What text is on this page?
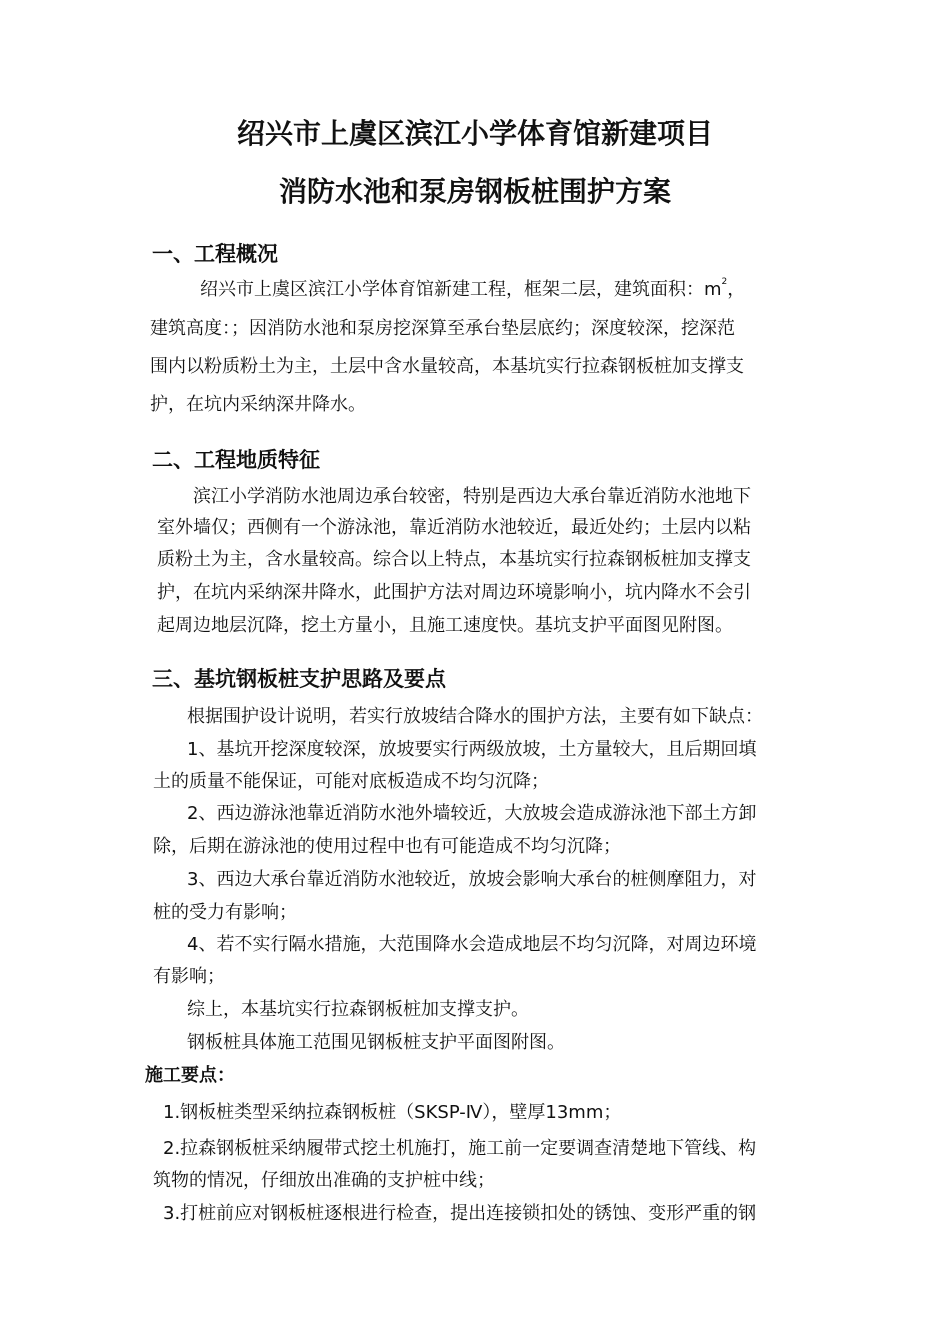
绍兴市上虞区滨江小学体育馆新建项目
消防水池和泵房钢板桩围护方案
一、工程概况
绍兴市上虞区滨江小学体育馆新建工程，框架二层，建筑面积：$m^2$，
建筑高度：；因消防水池和泵房挖深算至承台垫层底约；深度较深，挖深范
围内以粉质粉土为主，土层中含水量较高，本基坑实行拉森钢板桩加支撑支
护，在坑内采纳深井降水。
二、工程地质特征
滨江小学消防水池周边承台较密，特别是西边大承台靠近消防水池地下
室外墙仅；西侧有一个游泳池，靠近消防水池较近，最近处约；土层内以粘
质粉土为主，含水量较高。综合以上特点，本基坑实行拉森钢板桩加支撑支
护，在坑内采纳深井降水，此围护方法对周边环境影响小，坑内降水不会引
起周边地层沉降，挖土方量小，且施工速度快。基坑支护平面图见附图。
三、基坑钢板桩支护思路及要点
根据围护设计说明，若实行放坡结合降水的围护方法，主要有如下缺点：
1、基坑开挖深度较深，放坡要实行两级放坡，土方量较大，且后期回填
土的质量不能保证，可能对底板造成不均匀沉降；
2、西边游泳池靠近消防水池外墙较近，大放坡会造成游泳池下部土方卸
除，后期在游泳池的使用过程中也有可能造成不均匀沉降；
3、西边大承台靠近消防水池较近，放坡会影响大承台的桩侧摩阻力，对
桩的受力有影响；
4、若不实行隔水措施，大范围降水会造成地层不均匀沉降，对周边环境
有影响；
综上，本基坑实行拉森钢板桩加支撑支护。
钢板桩具体施工范围见钢板桩支护平面图附图。
施工要点：
1.钢板桩类型采纳拉森钢板桩（SKSP-Ⅳ），壁厚13mm；
2.拉森钢板桩采纳履带式挖土机施打，施工前一定要调查清楚地下管线、构
筑物的情况，仔细放出准确的支护桩中线；
3.打桩前应对钢板桩逐根进行检查，提出连接锁扣处的锈蚀、变形严重的钢
